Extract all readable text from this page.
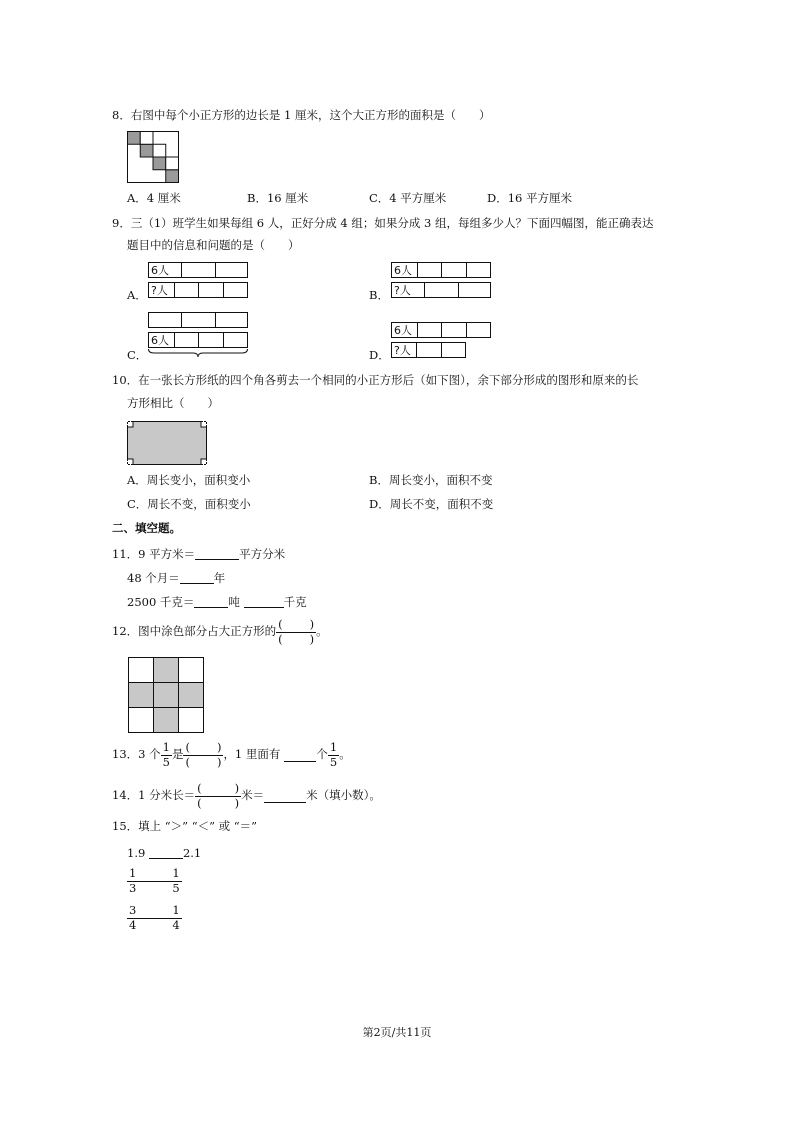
8．右图中每个小正方形的边长是 1 厘米，这个大正方形的面积是（　　）
A．4 厘米	B．16 厘米	C．4 平方厘米	D．16 平方厘米
9．三（1）班学生如果每组 6 人，正好分成 4 组；如果分成 3 组，每组多少人？下面四幅图，能正确表达
题目中的信息和问题的是（　　）
A．
6人
?人	B．
6人
?人
C．
6人
D．
6人
?人
10．在一张长方形纸的四个角各剪去一个相同的小正方形后（如下图），余下部分形成的图形和原来的长
方形相比（　　）
A．周长变小，面积变小	B．周长变小，面积不变
C．周长不变，面积变小	D．周长不变，面积不变
二、填空题。
11．9 平方米＝	平方分米
48 个月＝	年
2500 千克＝	吨	千克
12．图中涂色部分占大正方形的 ( ) ( )	。
13．3 个 $\frac{1}{5}$ 是 ( ) ( )	，1 里面有	个 $\frac{1}{5}$ 。
14．1 分米长＝ ( ) ( )	米＝	米（填小数）。
15．填上 “＞” “＜” 或 “＝”
1.9	2.1
$\frac{1}{3}$	$\frac{1}{5}$
$\frac{3}{4}$	$\frac{1}{4}$
第2页/共11页
